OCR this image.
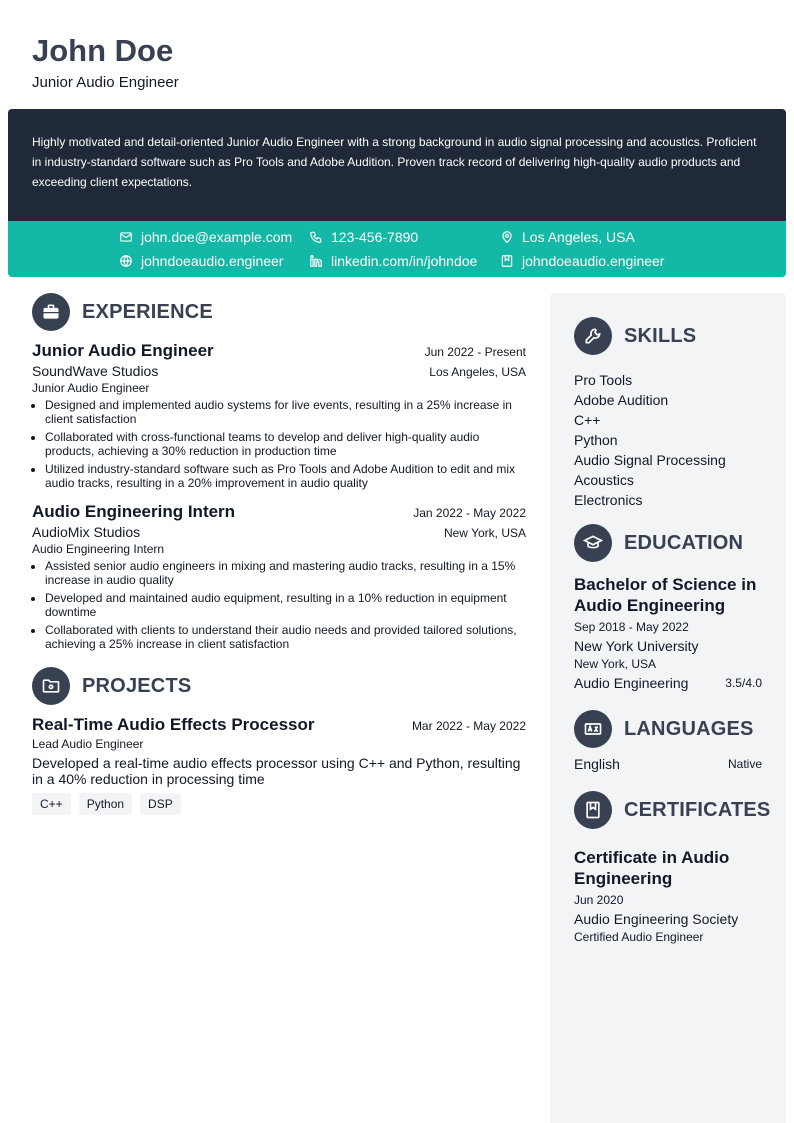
John Doe
Junior Audio Engineer
Highly motivated and detail-oriented Junior Audio Engineer with a strong background in audio signal processing and acoustics. Proficient in industry-standard software such as Pro Tools and Adobe Audition. Proven track record of delivering high-quality audio products and exceeding client expectations.
john.doe@example.com	123-456-7890	Los Angeles, USA
johndoeaudio.engineer	linkedin.com/in/johndoe	johndoeaudio.engineer
EXPERIENCE
Junior Audio Engineer	Jun 2022 - Present
SoundWave Studios	Los Angeles, USA
Junior Audio Engineer
• Designed and implemented audio systems for live events, resulting in a 25% increase in client satisfaction
• Collaborated with cross-functional teams to develop and deliver high-quality audio products, achieving a 30% reduction in production time
• Utilized industry-standard software such as Pro Tools and Adobe Audition to edit and mix audio tracks, resulting in a 20% improvement in audio quality
Audio Engineering Intern	Jan 2022 - May 2022
AudioMix Studios	New York, USA
Audio Engineering Intern
• Assisted senior audio engineers in mixing and mastering audio tracks, resulting in a 15% increase in audio quality
• Developed and maintained audio equipment, resulting in a 10% reduction in equipment downtime
• Collaborated with clients to understand their audio needs and provided tailored solutions, achieving a 25% increase in client satisfaction
PROJECTS
Real-Time Audio Effects Processor	Mar 2022 - May 2022
Lead Audio Engineer
Developed a real-time audio effects processor using C++ and Python, resulting in a 40% reduction in processing time
C++	Python	DSP
SKILLS
Pro Tools
Adobe Audition
C++
Python
Audio Signal Processing
Acoustics
Electronics
EDUCATION
Bachelor of Science in Audio Engineering
Sep 2018 - May 2022
New York University
New York, USA
Audio Engineering	3.5/4.0
LANGUAGES
English	Native
CERTIFICATES
Certificate in Audio Engineering
Jun 2020
Audio Engineering Society
Certified Audio Engineer
